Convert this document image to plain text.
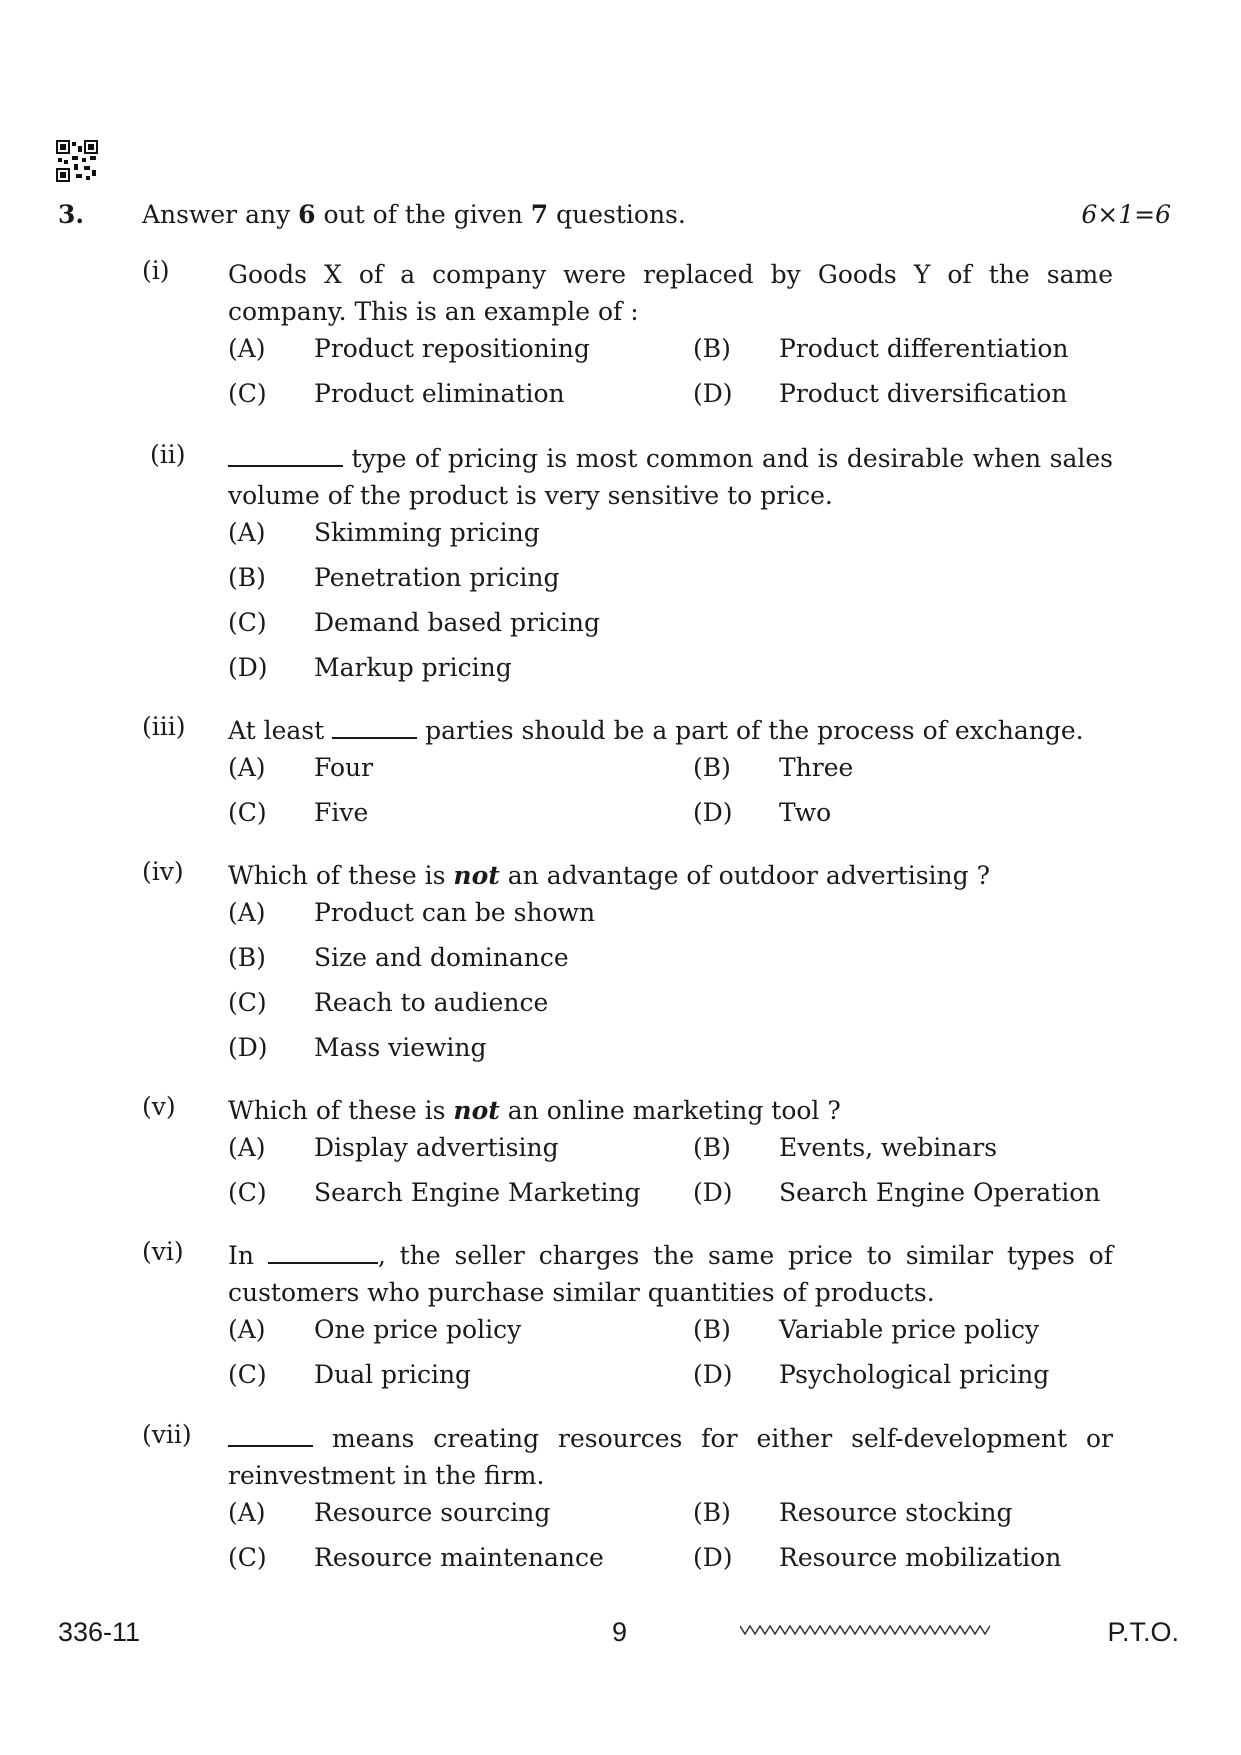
3. Answer any 6 out of the given 7 questions.	6×1=6
(i)	Goods X of a company were replaced by Goods Y of the same company. This is an example of :
(A) Product repositioning	(B) Product differentiation
(C) Product elimination	(D) Product diversification
(ii)	type of pricing is most common and is desirable when sales volume of the product is very sensitive to price.
(A) Skimming pricing
(B) Penetration pricing
(C) Demand based pricing
(D) Markup pricing
(iii)	At least	parties should be a part of the process of exchange.
(A) Four	(B) Three
(C) Five	(D) Two
(iv)	Which of these is not an advantage of outdoor advertising ?
(A) Product can be shown
(B) Size and dominance
(C) Reach to audience
(D) Mass viewing
(v)	Which of these is not an online marketing tool ?
(A) Display advertising	(B) Events, webinars
(C) Search Engine Marketing (D) Search Engine Operation
(vi)	In	, the seller charges the same price to similar types of customers who purchase similar quantities of products.
(A) One price policy	(B) Variable price policy
(C) Dual pricing	(D) Psychological pricing
(vii)	means creating resources for either self-development or reinvestment in the firm.
(A) Resource sourcing	(B) Resource stocking
(C) Resource maintenance	(D) Resource mobilization
336-11	9	P.T.O.
